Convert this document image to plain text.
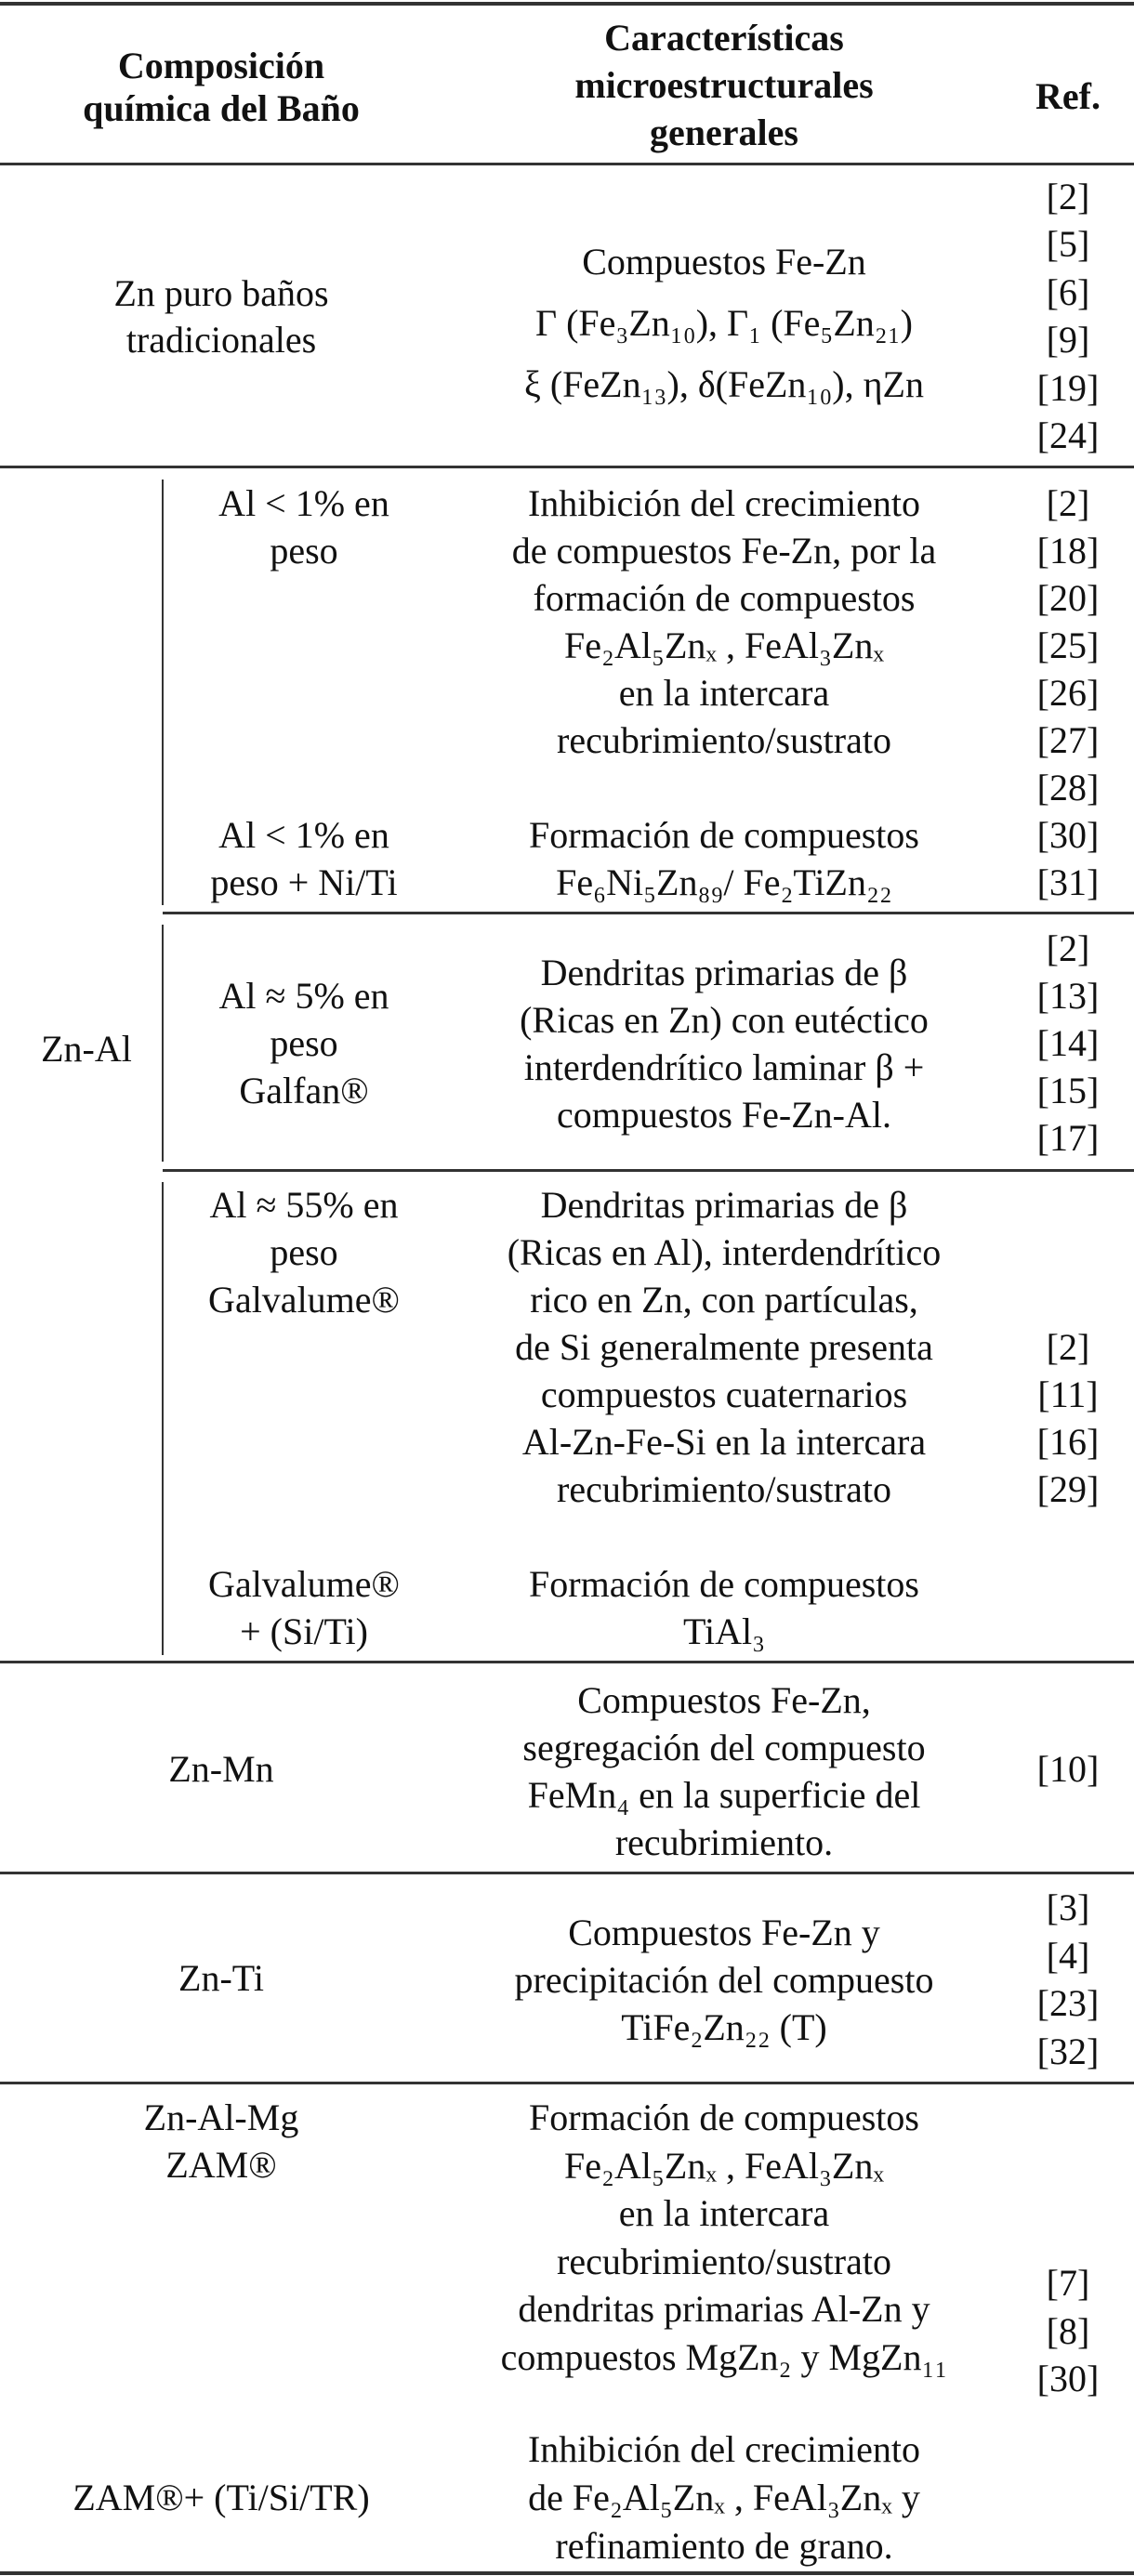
Composición
química del Baño
Características
microestructurales
generales
Ref.
Zn puro baños
tradicionales
Compuestos Fe-Zn
Γ (Fe₃Zn₁₀), Γ₁ (Fe₅Zn₂₁)
ξ (FeZn₁₃), δ(FeZn₁₀), ηZn
[2]
[5]
[6]
[9]
[19]
[24]
Zn-Al
Al < 1% en
peso
Inhibición del crecimiento
de compuestos Fe-Zn, por la
formación de compuestos
Fe₂Al₅Znₓ , FeAl₃Znₓ
en la intercara
recubrimiento/sustrato
[2]
[18]
[20]
[25]
[26]
[27]
[28]
[30]
[31]
Al < 1% en
peso + Ni/Ti
Formación de compuestos
Fe₆Ni₅Zn₈₉/ Fe₂TiZn₂₂
Al ≈ 5% en
peso
Galfan®
Dendritas primarias de β
(Ricas en Zn) con eutéctico
interdendrítico laminar β +
compuestos Fe-Zn-Al.
[2]
[13]
[14]
[15]
[17]
Al ≈ 55% en
peso
Galvalume®
Dendritas primarias de β
(Ricas en Al), interdendrítico
rico en Zn, con partículas,
de Si generalmente presenta
compuestos cuaternarios
Al-Zn-Fe-Si en la intercara
recubrimiento/sustrato
[2]
[11]
[16]
[29]
Galvalume®
+ (Si/Ti)
Formación de compuestos
TiAl₃
Zn-Mn
Compuestos Fe-Zn,
segregación del compuesto
FeMn₄ en la superficie del
recubrimiento.
[10]
Zn-Ti
Compuestos Fe-Zn y
precipitación del compuesto
TiFe₂Zn₂₂ (T)
[3]
[4]
[23]
[32]
Zn-Al-Mg
ZAM®
Formación de compuestos
Fe₂Al₅Znₓ , FeAl₃Znₓ
en la intercara
recubrimiento/sustrato
dendritas primarias Al-Zn y
compuestos MgZn₂ y MgZn₁₁
[7]
[8]
[30]
ZAM®+ (Ti/Si/TR)
Inhibición del crecimiento
de Fe₂Al₅Znₓ , FeAl₃Znₓ y
refinamiento de grano.
